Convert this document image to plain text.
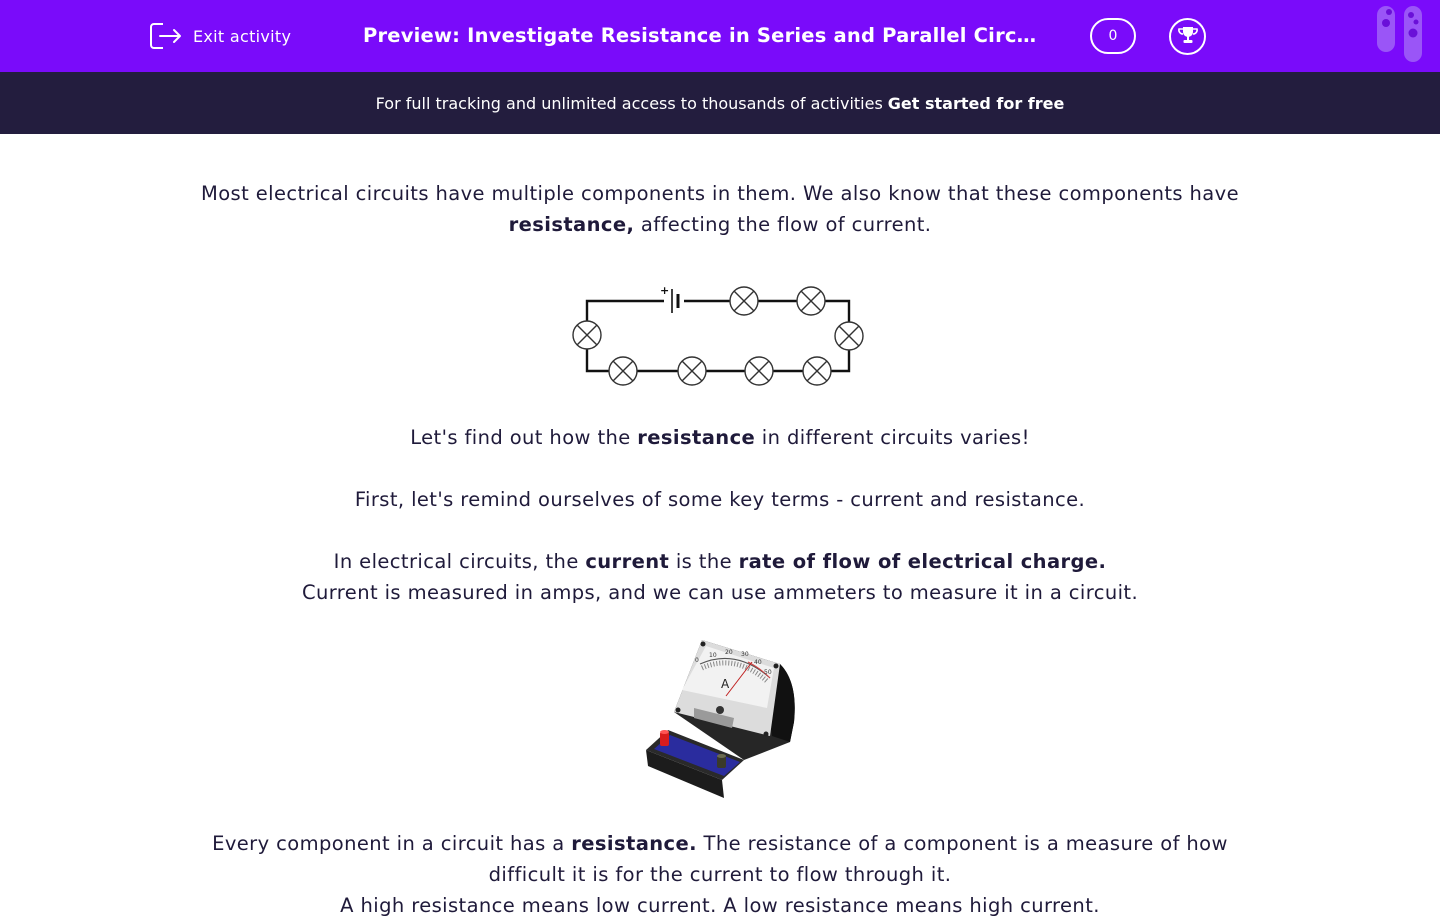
Exit activity	Preview: Investigate Resistance in Series and Parallel Circ…	0
For full tracking and unlimited access to thousands of activities Get started for free
Most electrical circuits have multiple components in them. We also know that these components have resistance, affecting the flow of current.
+
Let's find out how the resistance in different circuits varies!
First, let's remind ourselves of some key terms - current and resistance.
In electrical circuits, the current is the rate of flow of electrical charge.
Current is measured in amps, and we can use ammeters to measure it in a circuit.
A
0
10 20 30
40
50
Every component in a circuit has a resistance. The resistance of a component is a measure of how difficult it is for the current to flow through it.
A high resistance means low current. A low resistance means high current.
